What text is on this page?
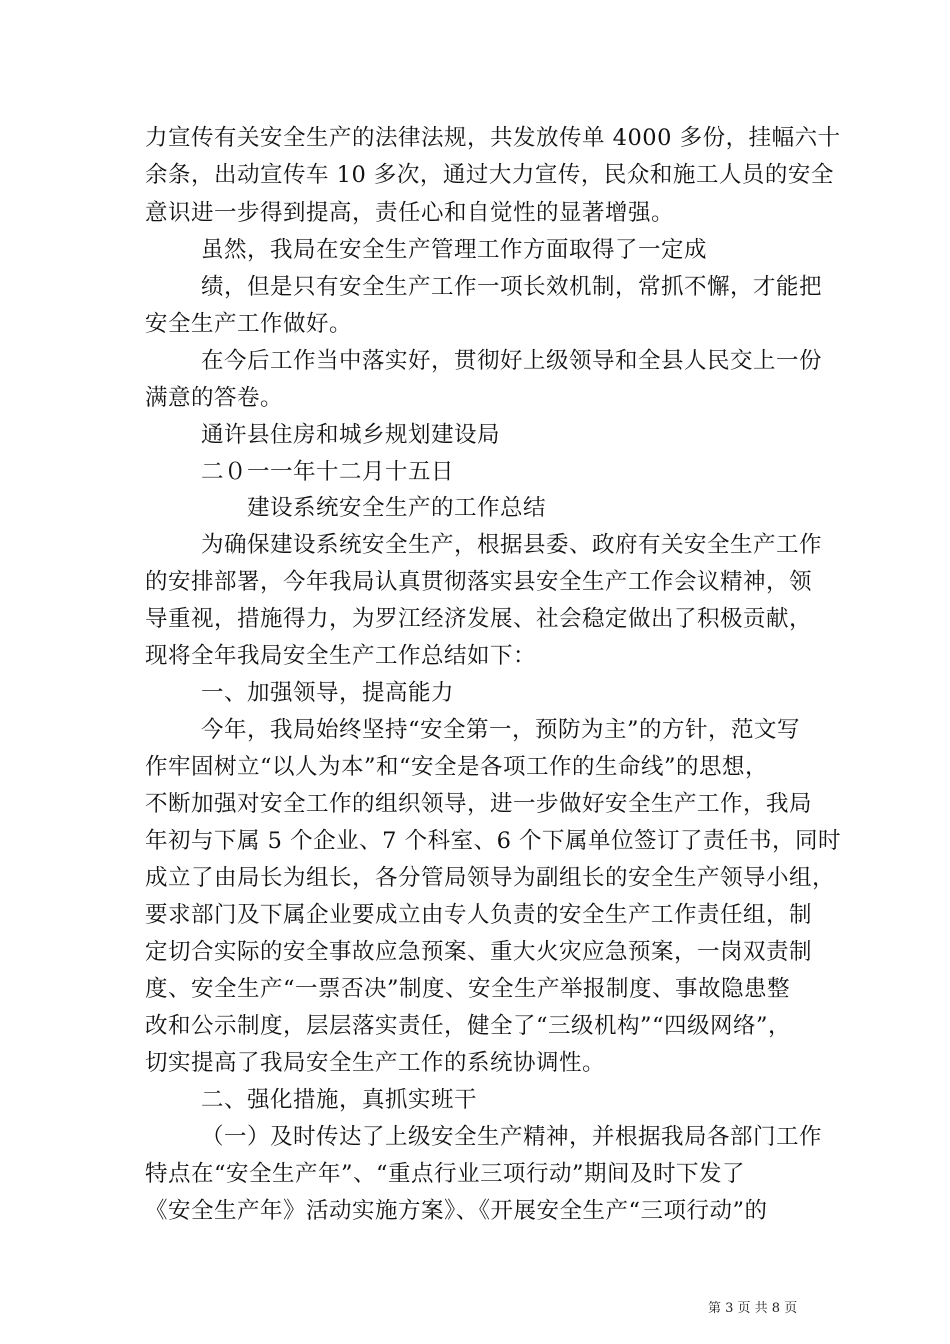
力宣传有关安全生产的法律法规，共发放传单 4000 多份，挂幅六十
余条，出动宣传车 10 多次，通过大力宣传，民众和施工人员的安全
意识进一步得到提高，责任心和自觉性的显著增强。
虽然，我局在安全生产管理工作方面取得了一定成
绩，但是只有安全生产工作一项长效机制，常抓不懈，才能把
安全生产工作做好。
在今后工作当中落实好，贯彻好上级领导和全县人民交上一份
满意的答卷。
通许县住房和城乡规划建设局
二０一一年十二月十五日
建设系统安全生产的工作总结
为确保建设系统安全生产，根据县委、政府有关安全生产工作
的安排部署，今年我局认真贯彻落实县安全生产工作会议精神，领
导重视，措施得力，为罗江经济发展、社会稳定做出了积极贡献，
现将全年我局安全生产工作总结如下：
一、加强领导，提高能力
今年，我局始终坚持“安全第一，预防为主”的方针，范文写
作牢固树立“以人为本”和“安全是各项工作的生命线”的思想，
不断加强对安全工作的组织领导，进一步做好安全生产工作，我局
年初与下属 5 个企业、7 个科室、6 个下属单位签订了责任书，同时
成立了由局长为组长，各分管局领导为副组长的安全生产领导小组，
要求部门及下属企业要成立由专人负责的安全生产工作责任组，制
定切合实际的安全事故应急预案、重大火灾应急预案，一岗双责制
度、安全生产“一票否决”制度、安全生产举报制度、事故隐患整
改和公示制度，层层落实责任，健全了“三级机构”“四级网络”，
切实提高了我局安全生产工作的系统协调性。
二、强化措施，真抓实班干
（一）及时传达了上级安全生产精神，并根据我局各部门工作
特点在“安全生产年”、“重点行业三项行动”期间及时下发了
《安全生产年》活动实施方案》、《开展安全生产“三项行动”的
第 3 页 共 8 页
